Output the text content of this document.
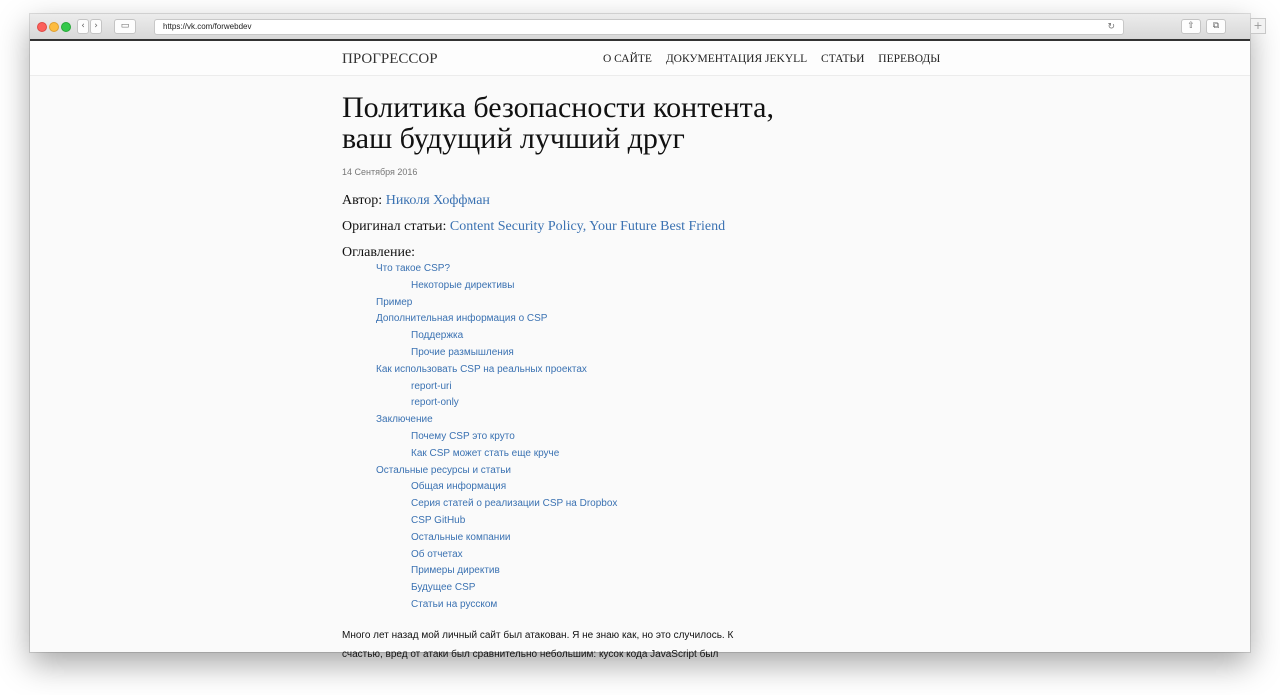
‹	›	▭	https://vk.com/forwebdev	↻	⇧	⧉
ПРОГРЕССОР	О САЙТЕ ДОКУМЕНТАЦИЯ JEKYLL СТАТЬИ ПЕРЕВОДЫ
Политика безопасности контента,
ваш будущий лучший друг
14 Сентября 2016
Автор: Николя Хоффман
Оригинал статьи: Content Security Policy, Your Future Best Friend
Оглавление:
Что такое CSP?
Некоторые директивы
Пример
Дополнительная информация о CSP
Поддержка
Прочие размышления
Как использовать CSP на реальных проектах
report-uri
report-only
Заключение
Почему CSP это круто
Как CSP может стать еще круче
Остальные ресурсы и статьи
Общая информация
Серия статей о реализации CSP на Dropbox
CSP GitHub
Остальные компании
Об отчетах
Примеры директив
Будущее CSP
Статьи на русском
Много лет назад мой личный сайт был атакован. Я не знаю как, но это случилось. К
счастью, вред от атаки был сравнительно небольшим: кусок кода JavaScript был
+
